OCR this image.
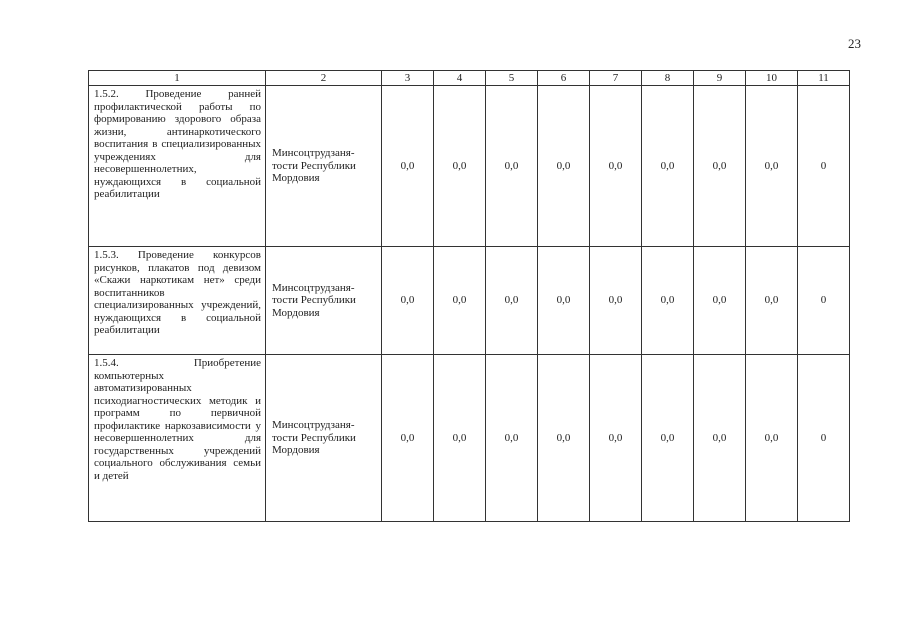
23
1	2	3	4	5	6	7	8	9	10	11

1.5.2. Проведение ранней профилактической работы по формированию здорового образа жизни, антинаркотического воспитания в специализированных учреждениях для несовершеннолетних, нуждающихся в социальной реабилитации	Минсоцтрудзаня-тости Республики Мордовия	0,0	0,0	0,0	0,0	0,0	0,0	0,0	0,0	0

1.5.3. Проведение конкурсов рисунков, плакатов под девизом «Скажи наркотикам нет» среди воспитанников специализированных учреждений, нуждающихся в социальной реабилитации	Минсоцтрудзаня-тости Республики Мордовия	0,0	0,0	0,0	0,0	0,0	0,0	0,0	0,0	0

1.5.4. Приобретение компьютерных автоматизированных психодиагностических методик и программ по первичной профилактике наркозависимости у несовершеннолетних для государственных учреждений социального обслуживания семьи и детей	Минсоцтрудзаня-тости Республики Мордовия	0,0	0,0	0,0	0,0	0,0	0,0	0,0	0,0	0
